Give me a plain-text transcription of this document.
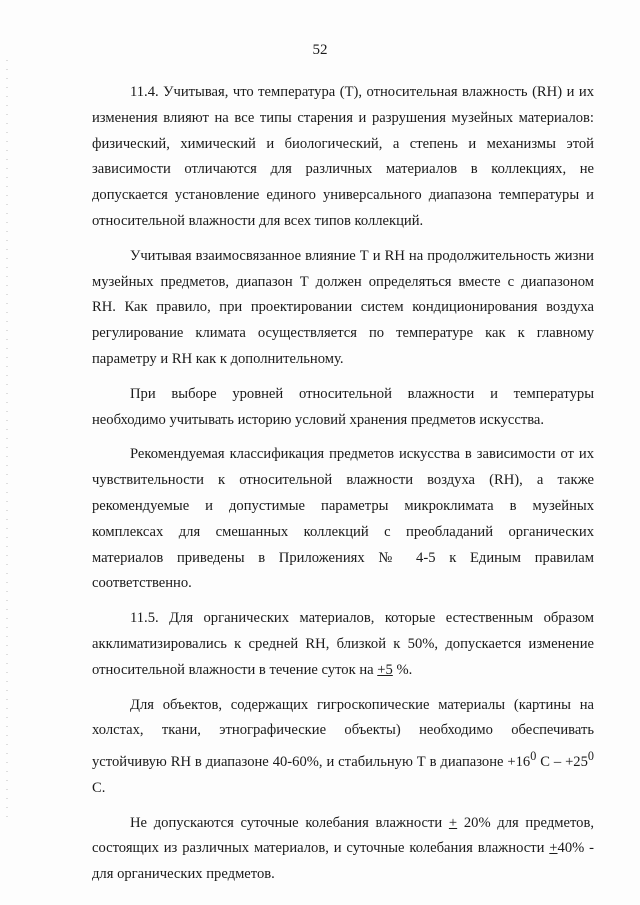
52

11.4. Учитывая, что температура (Т), относительная влажность (RH) и их изменения влияют на все типы старения и разрушения музейных материалов: физический, химический и биологический, а степень и механизмы этой зависимости отличаются для различных материалов в коллекциях, не допускается установление единого универсального диапазона температуры и относительной влажности для всех типов коллекций.

Учитывая взаимосвязанное влияние Т и RH на продолжительность жизни музейных предметов, диапазон Т должен определяться вместе с диапазоном RH. Как правило, при проектировании систем кондиционирования воздуха регулирование климата осуществляется по температуре как к главному параметру и RH как к дополнительному.

При выборе уровней относительной влажности и температуры необходимо учитывать историю условий хранения предметов искусства.

Рекомендуемая классификация предметов искусства в зависимости от их чувствительности к относительной влажности воздуха (RH), а также рекомендуемые и допустимые параметры микроклимата в музейных комплексах для смешанных коллекций с преобладаний органических материалов приведены в Приложениях № 4-5 к Единым правилам соответственно.

11.5. Для органических материалов, которые естественным образом акклиматизировались к средней RH, близкой к 50%, допускается изменение относительной влажности в течение суток на +5 %.

Для объектов, содержащих гигроскопические материалы (картины на холстах, ткани, этнографические объекты) необходимо обеспечивать устойчивую RH в диапазоне 40-60%, и стабильную Т в диапазоне $+16^0$ $С - +25^0$ С.

Не допускаются суточные колебания влажности + 20% для предметов, состоящих из различных материалов, и суточные колебания влажности +40% - для органических предметов.
